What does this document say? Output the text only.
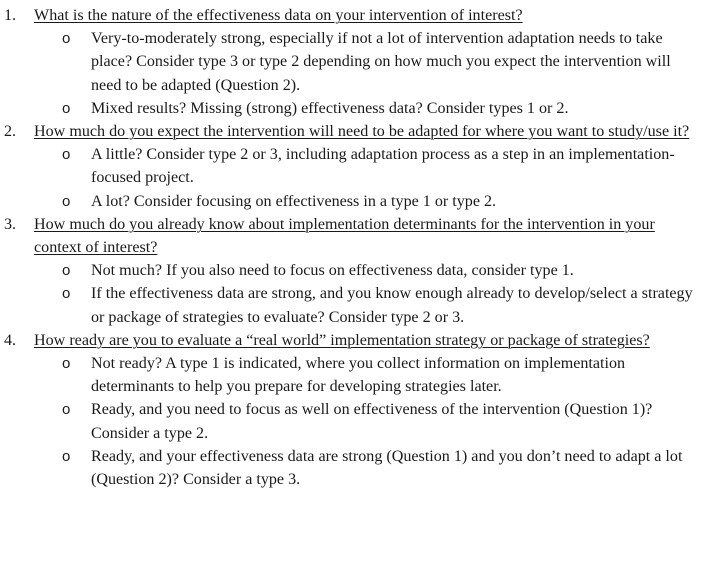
1. What is the nature of the effectiveness data on your intervention of interest?
o Very-to-moderately strong, especially if not a lot of intervention adaptation needs to take place? Consider type 3 or type 2 depending on how much you expect the intervention will need to be adapted (Question 2).
o Mixed results? Missing (strong) effectiveness data? Consider types 1 or 2.
2. How much do you expect the intervention will need to be adapted for where you want to study/use it?
o A little? Consider type 2 or 3, including adaptation process as a step in an implementation-focused project.
o A lot? Consider focusing on effectiveness in a type 1 or type 2.
3. How much do you already know about implementation determinants for the intervention in your context of interest?
o Not much? If you also need to focus on effectiveness data, consider type 1.
o If the effectiveness data are strong, and you know enough already to develop/select a strategy or package of strategies to evaluate? Consider type 2 or 3.
4. How ready are you to evaluate a “real world” implementation strategy or package of strategies?
o Not ready? A type 1 is indicated, where you collect information on implementation determinants to help you prepare for developing strategies later.
o Ready, and you need to focus as well on effectiveness of the intervention (Question 1)? Consider a type 2.
o Ready, and your effectiveness data are strong (Question 1) and you don’t need to adapt a lot (Question 2)? Consider a type 3.
